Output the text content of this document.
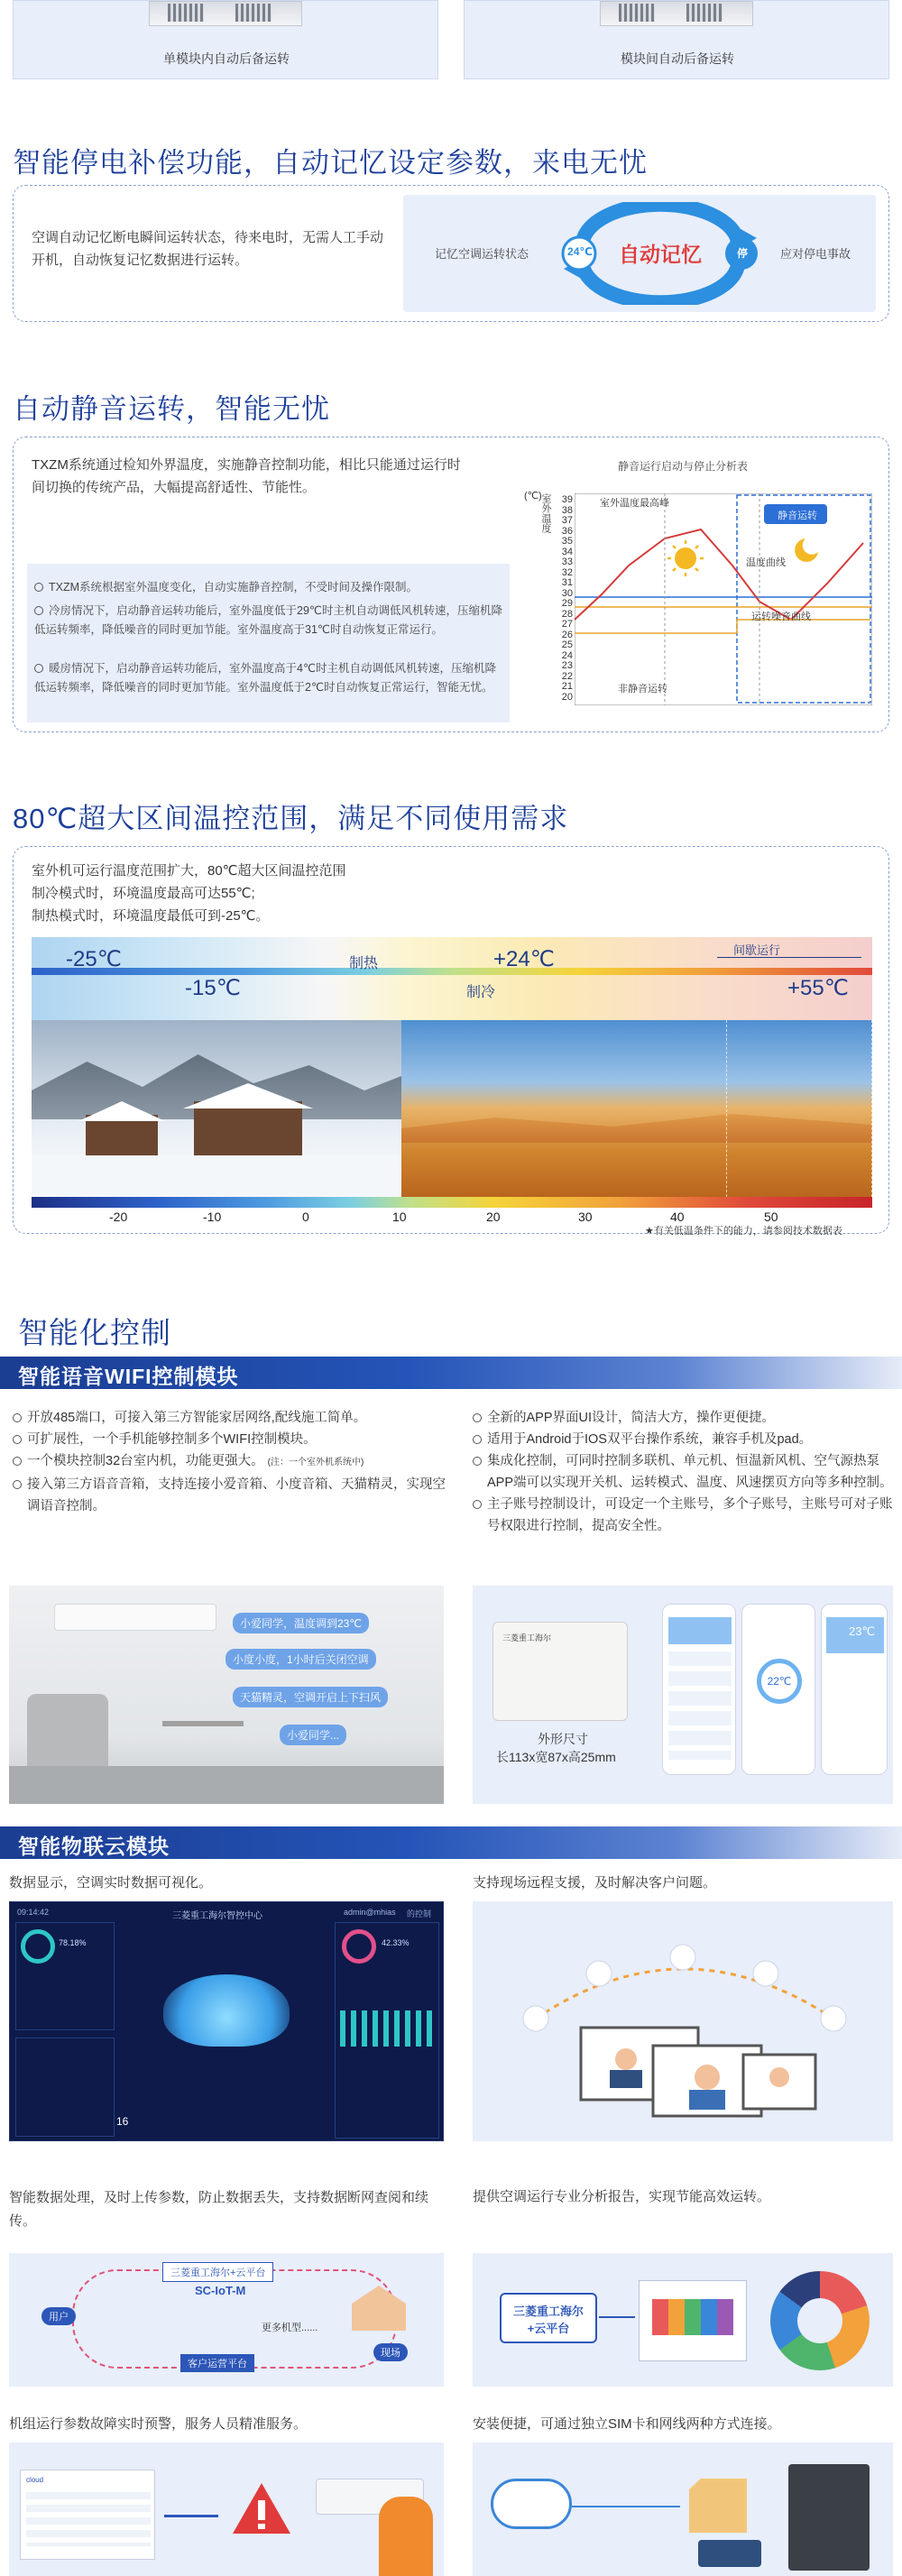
单模块内自动后备运转	模块间自动后备运转
智能停电补偿功能，自动记忆设定参数，来电无忧
空调自动记忆断电瞬间运转状态，待来电时，无需人工手动开机，自动恢复记忆数据进行运转。	记忆空调运转状态	24℃	自动记忆	停	应对停电事故
自动静音运转，智能无忧
TXZM系统通过检知外界温度，实施静音控制功能，相比只能通过运行时间切换的传统产品，大幅提高舒适性、节能性。
TXZM系统根据室外温度变化，自动实施静音控制，不受时间及操作限制。
冷房情况下，启动静音运转功能后，室外温度低于29℃时主机自动调低风机转速，压缩机降低运转频率，降低噪音的同时更加节能。室外温度高于31℃时自动恢复正常运行。
暖房情况下，启动静音运转功能后，室外温度高于4℃时主机自动调低风机转速，压缩机降低运转频率，降低噪音的同时更加节能。室外温度低于2℃时自动恢复正常运行，智能无忧。
静音运行启动与停止分析表
(℃)
室外温度	39
38
37
36
35
34
33
32
31
30
29
28
27
26
25
24
23
22
21
20
静音运转
室外温度最高峰
温度曲线
运转噪音曲线
非静音运转
80℃超大区间温控范围，满足不同使用需求
室外机可运行温度范围扩大，80℃超大区间温控范围
制冷模式时，环境温度最高可达55℃;
制热模式时，环境温度最低可到-25℃。
-25℃
-15℃
制热	+24℃
制冷
间歇运行
+55℃
-20	-10	0	10	20	30	40	50
★有关低温条件下的能力，请参阅技术数据表
智能化控制
智能语音WIFI控制模块
开放485端口，可接入第三方智能家居网络,配线施工简单。
可扩展性，一个手机能够控制多个WIFI控制模块。
一个模块控制32台室内机，功能更强大。 (注：一个室外机系统中)
接入第三方语音音箱，支持连接小爱音箱、小度音箱、天猫精灵，实现空调语音控制。
全新的APP界面UI设计，简洁大方，操作更便捷。
适用于Android于IOS双平台操作系统，兼容手机及pad。
集成化控制，可同时控制多联机、单元机、恒温新风机、空气源热泵APP端可以实现开关机、运转模式、温度、风速摆页方向等多种控制。
主子账号控制设计，可设定一个主账号，多个子账号，主账号可对子账号权限进行控制，提高安全性。
小爱同学，温度调到23℃
小度小度，1小时后关闭空调
天猫精灵，空调开启上下扫风
小爱同学...
三菱重工海尔
外形尺寸
长113x宽87x高25mm
22℃
23℃
智能物联云模块
数据显示，空调实时数据可视化。	支持现场远程支援，及时解决客户问题。
09:14:42	三菱重工海尔智控中心	admin@mhias 的控制
78.18%
16
42.33%
智能数据处理，及时上传参数，防止数据丢失，支持数据断网查阅和续传。
提供空调运行专业分析报告，实现节能高效运转。
用户
三菱重工海尔+云平台
SC-IoT-M
更多机型......
客户运营平台
现场
三菱重工海尔
+云平台
机组运行参数故障实时预警，服务人员精准服务。	安装便捷，可通过独立SIM卡和网线两种方式连接。
cloud
